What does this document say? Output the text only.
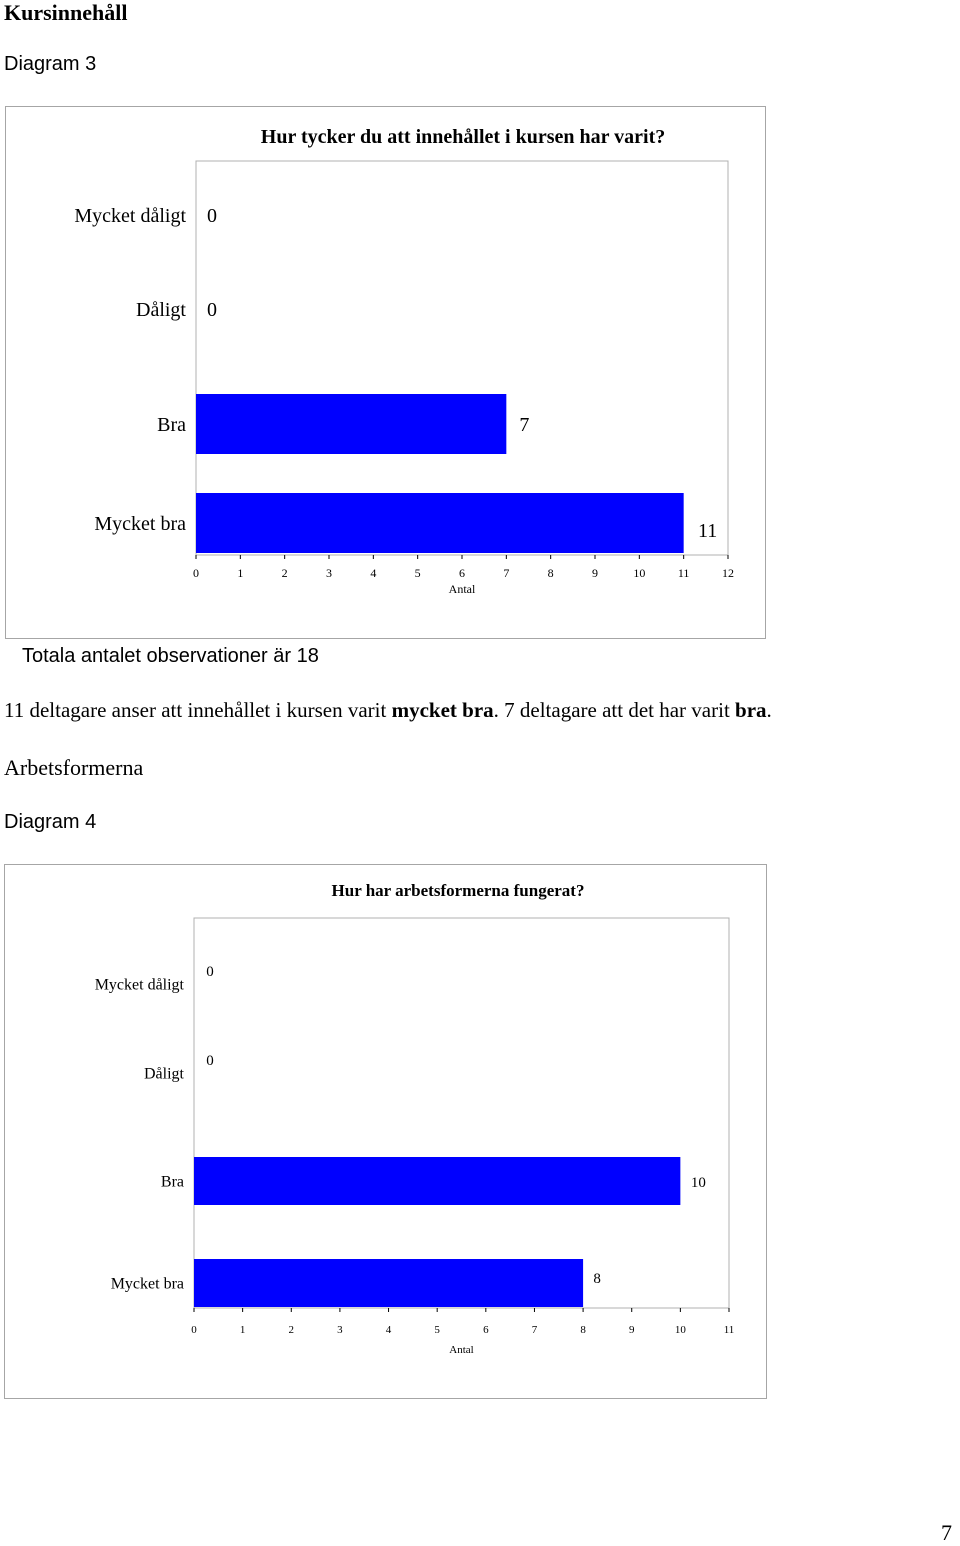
Kursinnehåll
Diagram 3
Hur tycker du att innehållet i kursen har varit?
Mycket dåligt 0
Dåligt 0
Bra	7
Mycket bra	11
0	1	2	3	4	5	6	7	8	9	10	11	12
Antal
Totala antalet observationer är 18
11 deltagare anser att innehållet i kursen varit mycket bra. 7 deltagare att det har varit bra.
Arbetsformerna
Diagram 4
Hur har arbetsformerna fungerat?
Mycket dåligt
0
Dåligt
0
Bra	10
Mycket bra	8
0	1	2	3	4	5	6	7	8	9	10	11
Antal
7
